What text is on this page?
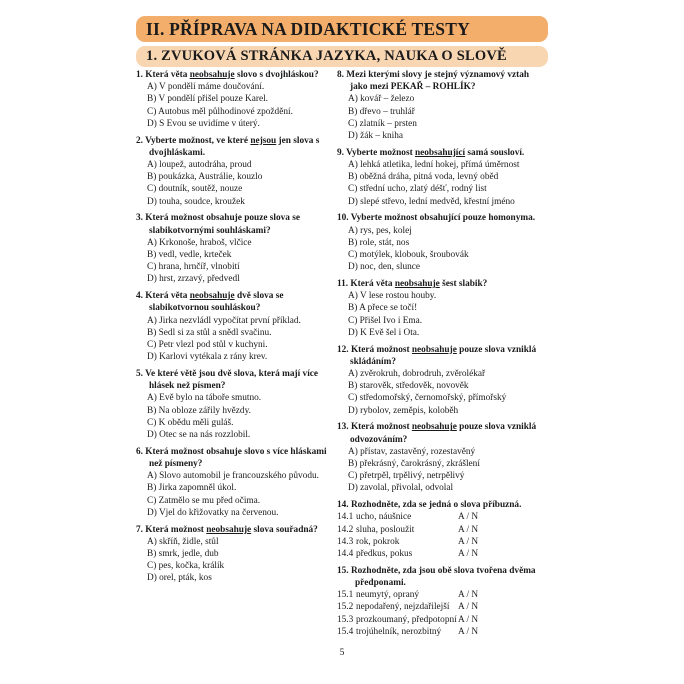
II. PŘÍPRAVA NA DIDAKTICKÉ TESTY
1. ZVUKOVÁ STRÁNKA JAZYKA, NAUKA O SLOVĚ
1. Která věta neobsahuje slovo s dvojhláskou?
A) V pondělí máme doučování.
B) V pondělí přišel pouze Karel.
C) Autobus měl půlhodinové zpoždění.
D) S Evou se uvidíme v úterý.
2. Vyberte možnost, ve které nejsou jen slova s dvojhláskami.
A) loupež, autodráha, proud
B) poukázka, Austrálie, kouzlo
C) doutník, soutěž, nouze
D) touha, soudce, kroužek
3. Která možnost obsahuje pouze slova se slabikotvornými souhláskami?
A) Krkonoše, hraboš, vlčice
B) vedl, vedle, krteček
C) hrana, hrnčíř, vlnobití
D) hrst, zrzavý, předvedl
4. Která věta neobsahuje dvě slova se slabikotvornou souhláskou?
A) Jirka nezvládl vypočítat první příklad.
B) Sedl si za stůl a snědl svačinu.
C) Petr vlezl pod stůl v kuchyni.
D) Karlovi vytékala z rány krev.
5. Ve které větě jsou dvě slova, která mají více hlásek než písmen?
A) Evě bylo na táboře smutno.
B) Na obloze zářily hvězdy.
C) K obědu měli guláš.
D) Otec se na nás rozzlobil.
6. Která možnost obsahuje slovo s více hláskami než písmeny?
A) Slovo automobil je francouzského původu.
B) Jirka zapomněl úkol.
C) Zatmělo se mu před očima.
D) Vjel do křižovatky na červenou.
7. Která možnost neobsahuje slova souřadná?
A) skříň, židle, stůl
B) smrk, jedle, dub
C) pes, kočka, králík
D) orel, pták, kos
8. Mezi kterými slovy je stejný významový vztah jako mezi PEKAŘ – ROHLÍK?
A) kovář – železo
B) dřevo – truhlář
C) zlatník – prsten
D) žák – kniha
9. Vyberte možnost neobsahující samá sousloví.
A) lehká atletika, lední hokej, přímá úměrnost
B) oběžná dráha, pitná voda, levný oběd
C) střední ucho, zlatý déšť, rodný list
D) slepé střevo, lední medvěd, křestní jméno
10. Vyberte možnost obsahující pouze homonyma.
A) rys, pes, kolej
B) role, stát, nos
C) motýlek, klobouk, šroubovák
D) noc, den, slunce
11. Která věta neobsahuje šest slabik?
A) V lese rostou houby.
B) A přece se točí!
C) Přišel Ivo i Ema.
D) K Evě šel i Ota.
12. Která možnost neobsahuje pouze slova vzniklá skládáním?
A) zvěrokruh, dobrodruh, zvěrolékař
B) starověk, středověk, novověk
C) středomořský, černomořský, přímořský
D) rybolov, zeměpis, koloběh
13. Která možnost neobsahuje pouze slova vzniklá odvozováním?
A) přístav, zastavěný, rozestavěný
B) překrásný, čarokrásný, zkrášlení
C) přetrpěl, trpělivý, netrpělivý
D) zavolal, přivolal, odvolal
14. Rozhodněte, zda se jedná o slova příbuzná.
14.1 ucho, náušnice	A / N
14.2 sluha, posloužit	A / N
14.3 rok, pokrok	A / N
14.4 předkus, pokus	A / N
15. Rozhodněte, zda jsou obě slova tvořena dvěma předponami.
15.1 neumytý, opraný	A / N
15.2 nepodařený, nejzdařilejší A / N
15.3 prozkoumaný, předpotopní A / N
15.4 trojúhelník, nerozbitný	A / N
5
